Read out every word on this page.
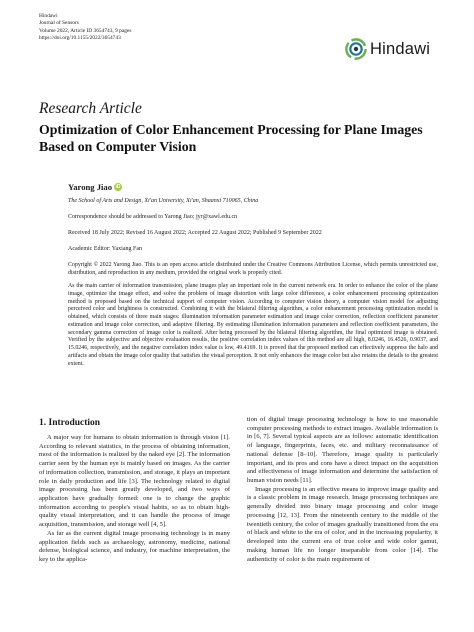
Hindawi
Journal of Sensors
Volume 2022, Article ID 3654743, 9 pages
https://doi.org/10.1155/2022/3654743
Hindawi
Research Article
Optimization of Color Enhancement Processing for Plane Images Based on Computer Vision
Yarong Jiao iD
The School of Arts and Design, Xi'an University, Xi'an, Shaanxi 710065, China
Correspondence should be addressed to Yarong Jiao; jyr@xawl.edu.cn
Received 18 July 2022; Revised 16 August 2022; Accepted 22 August 2022; Published 9 September 2022
Academic Editor: Yaxiang Fan
Copyright © 2022 Yarong Jiao. This is an open access article distributed under the Creative Commons Attribution License, which permits unrestricted use, distribution, and reproduction in any medium, provided the original work is properly cited.
As the main carrier of information transmission, plane images play an important role in the current network era. In order to enhance the color of the plane image, optimize the image effect, and solve the problem of image distortion with large color difference, a color enhancement processing optimization method is proposed based on the technical support of computer vision. According to computer vision theory, a computer vision model for adjusting perceived color and brightness is constructed. Combining it with the bilateral filtering algorithm, a color enhancement processing optimization model is obtained, which consists of three main stages: illumination information parameter estimation and image color correction, reflection coefficient parameter estimation and image color correction, and adaptive filtering. By estimating illumination information parameters and reflection coefficient parameters, the secondary gamma correction of image color is realized. After being processed by the bilateral filtering algorithm, the final optimized image is obtained. Verified by the subjective and objective evaluation results, the positive correlation index values of this method are all high, 8.0246, 16.4526, 0.9037, and 15.0246, respectively, and the negative correlation index value is low, 49.4169. It is proved that the proposed method can effectively suppress the halo and artifacts and obtain the image color quality that satisfies the visual perception. It not only enhances the image color but also retains the details to the greatest extent.
1. Introduction

A major way for humans to obtain information is through vision [1]. According to relevant statistics, in the process of obtaining information, most of the information is realized by the naked eye [2]. The information carrier seen by the human eye is mainly based on images. As the carrier of information collection, transmission, and storage, it plays an important role in daily production and life [3]. The technology related to digital image processing has been greatly developed, and two ways of application have gradually formed: one is to change the graphic information according to people's visual habits, so as to obtain high-quality visual interpretation, and tt can handle the process of image acquisition, transmission, and storage well [4, 5].

As far as the current digital image processing technology is in many application fields such as archaeology, astronomy, medicine, national defense, biological science, and industry, for machine interpretation, the key to the applica-

tion of digital image processing technology is how to use reasonable computer processing methods to extract images. Available information is in [6, 7]. Several typical aspects are as follows: automatic identification of language, fingerprints, faces, etc. and military reconnaissance of national defense [8–10]. Therefore, image quality is particularly important, and its pros and cons have a direct impact on the acquisition and effectiveness of image information and determine the satisfaction of human vision needs [11].

Image processing is an effective means to improve image quality and is a classic problem in image research. Image processing techniques are generally divided into binary image processing and color image processing [12, 13]. From the nineteenth century to the middle of the twentieth century, the color of images gradually transitioned from the era of black and white to the era of color, and in the increasing popularity, it developed into the current era of true color and wide color gamut, making human life no longer inseparable from color [14]. The authenticity of color is the main requirement of
